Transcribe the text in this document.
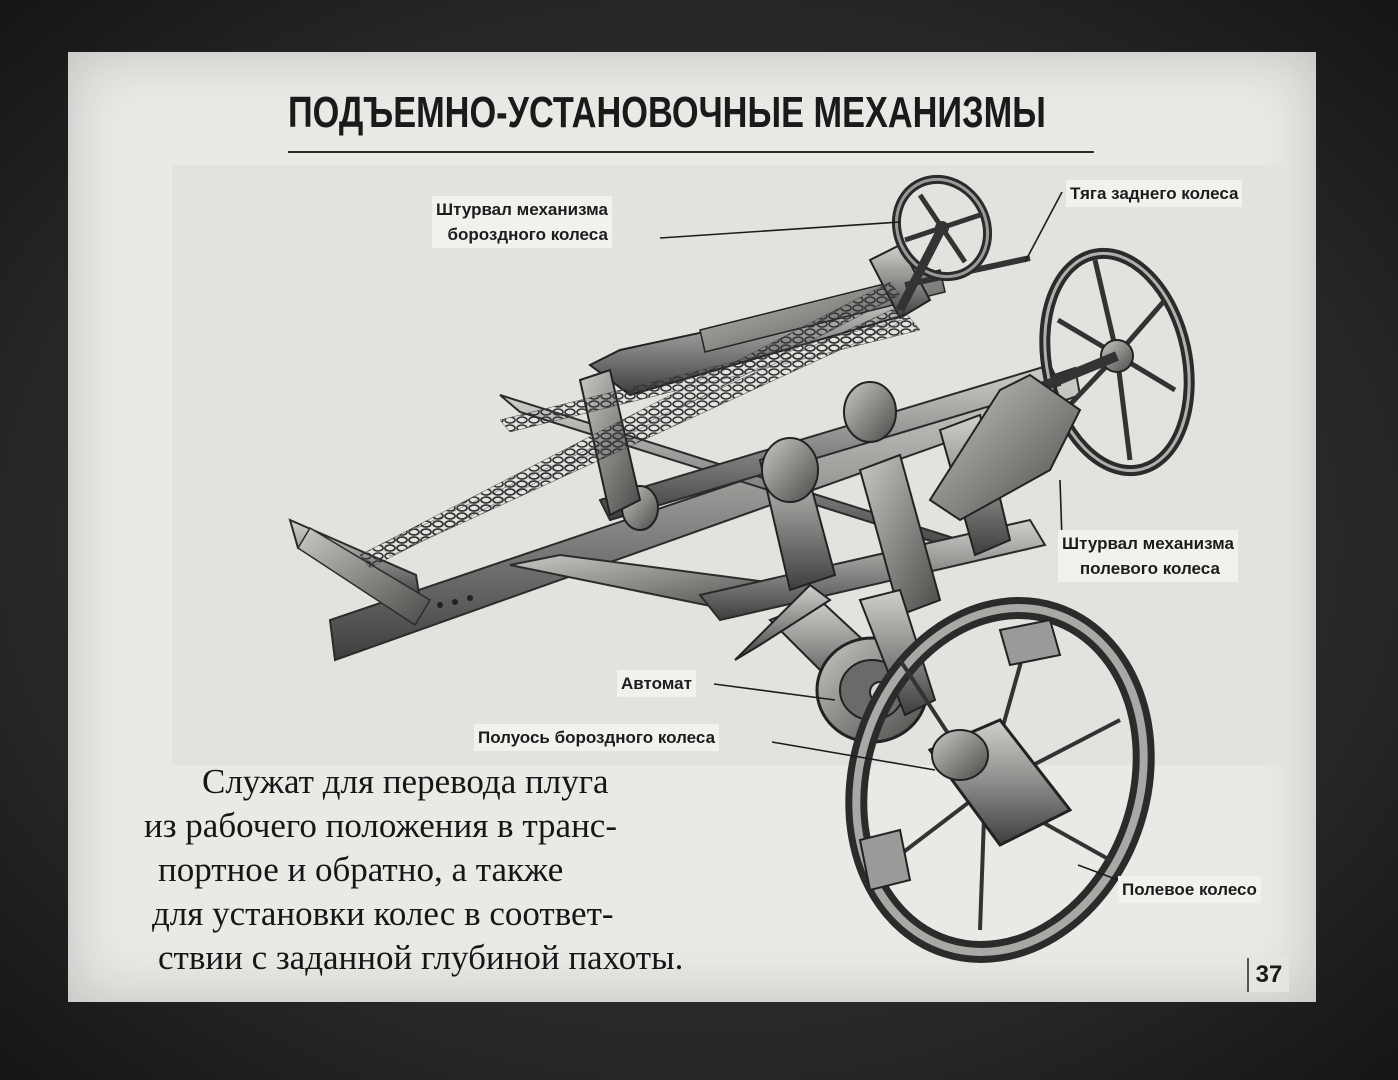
ПОДЪЕМНО-УСТАНОВОЧНЫЕ МЕХАНИЗМЫ
Штурвал механизма
бороздного колеса
Тяга заднего колеса
Штурвал механизма
полевого колеса
Автомат
Полуось бороздного колеса
Полевое колесо
Служат для перевода плуга
из рабочего положения в транс-
портное и обратно, а также
для установки колес в соответ-
ствии с заданной глубиной пахоты.	37
